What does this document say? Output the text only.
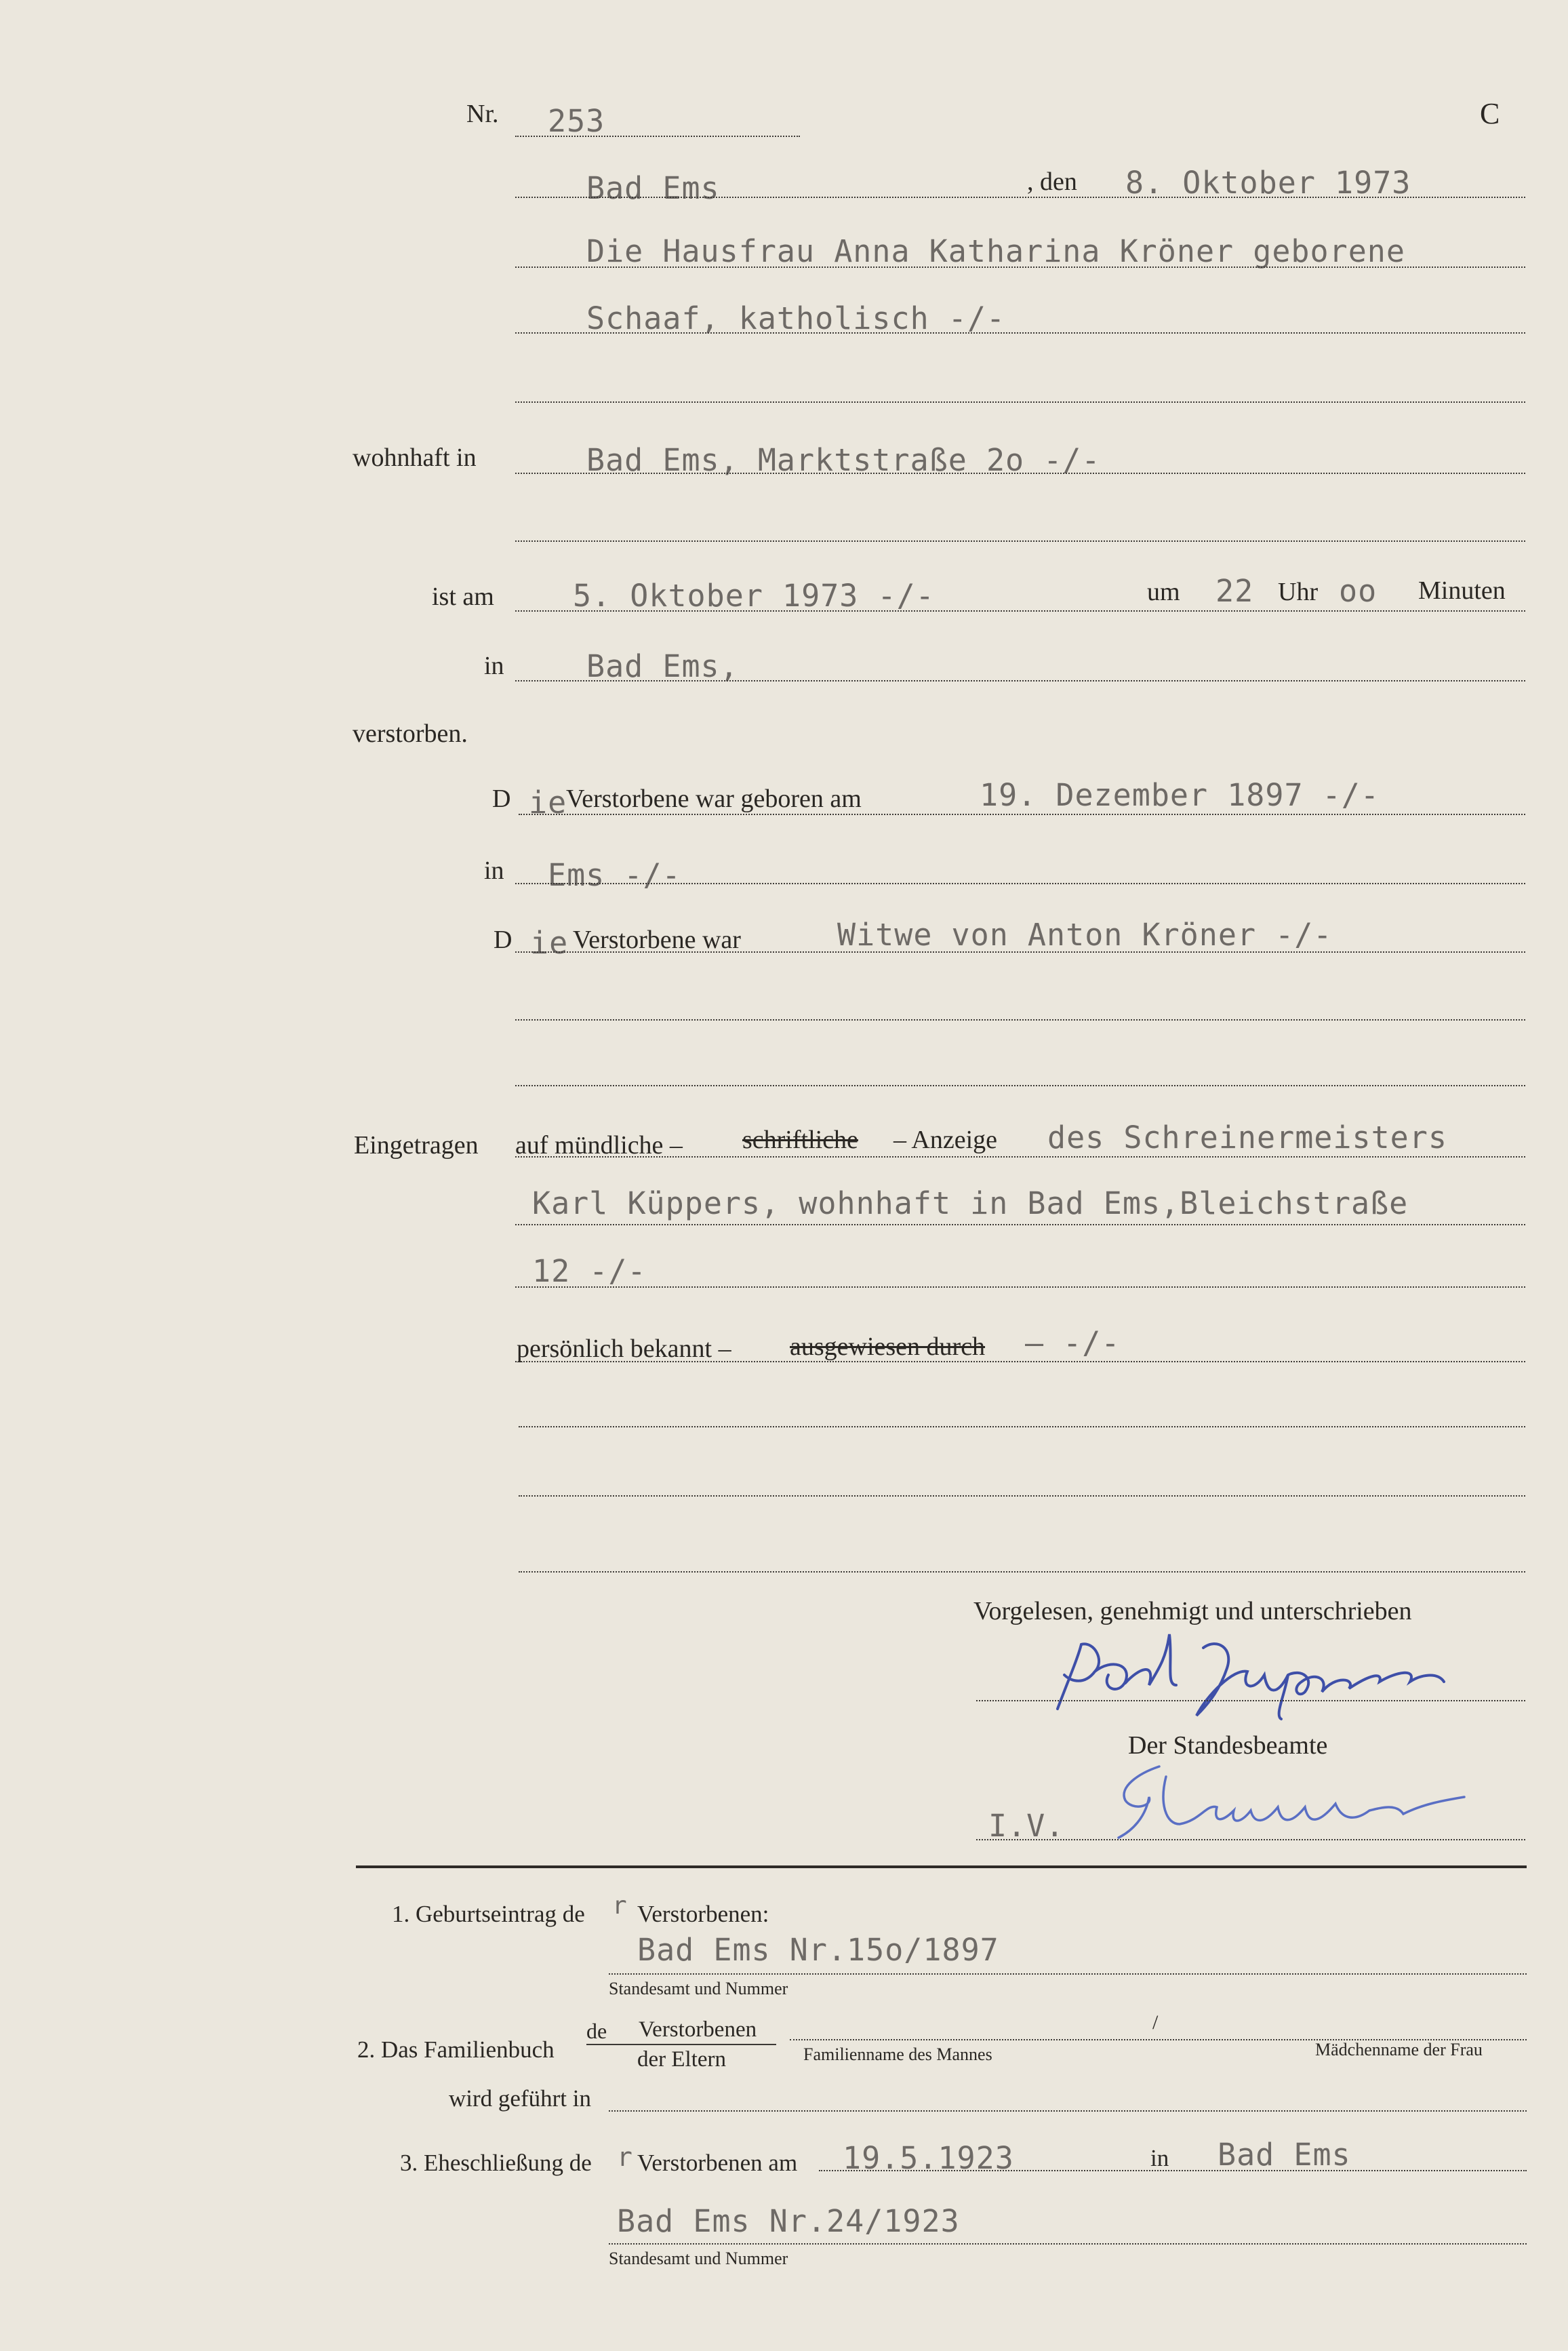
Nr. 253	C
Bad Ems	, den 8. Oktober 1973
Die Hausfrau Anna Katharina Kröner geborene
Schaaf, katholisch -/-
wohnhaft in	Bad Ems, Marktstraße 2o -/-
ist am	5. Oktober 1973 -/-	um 22 Uhr oo Minuten
in	Bad Ems,
verstorben.
D ie
Verstorbene war geboren am	19. Dezember 1897 -/-
in Ems -/-
D ie Verstorbene war	Witwe von Anton Kröner -/-
Eingetragen auf mündliche – schriftliche – Anzeige des Schreinermeisters
Karl Küppers, wohnhaft in Bad Ems,Bleichstraße
12 -/-
persönlich bekannt – ausgewiesen durch – -/-
Vorgelesen, genehmigt und unterschrieben
Der Standesbeamte
I.V.
1. Geburtseintrag de r Verstorbenen:
Bad Ems Nr.15o/1897
Standesamt und Nummer
2. Das Familienbuch
de Verstorbenen
der Eltern
/
Familienname des Mannes	Mädchenname der Frau
wird geführt in
3. Eheschließung de r Verstorbenen am 19.5.1923	in Bad Ems
Bad Ems Nr.24/1923
Standesamt und Nummer
